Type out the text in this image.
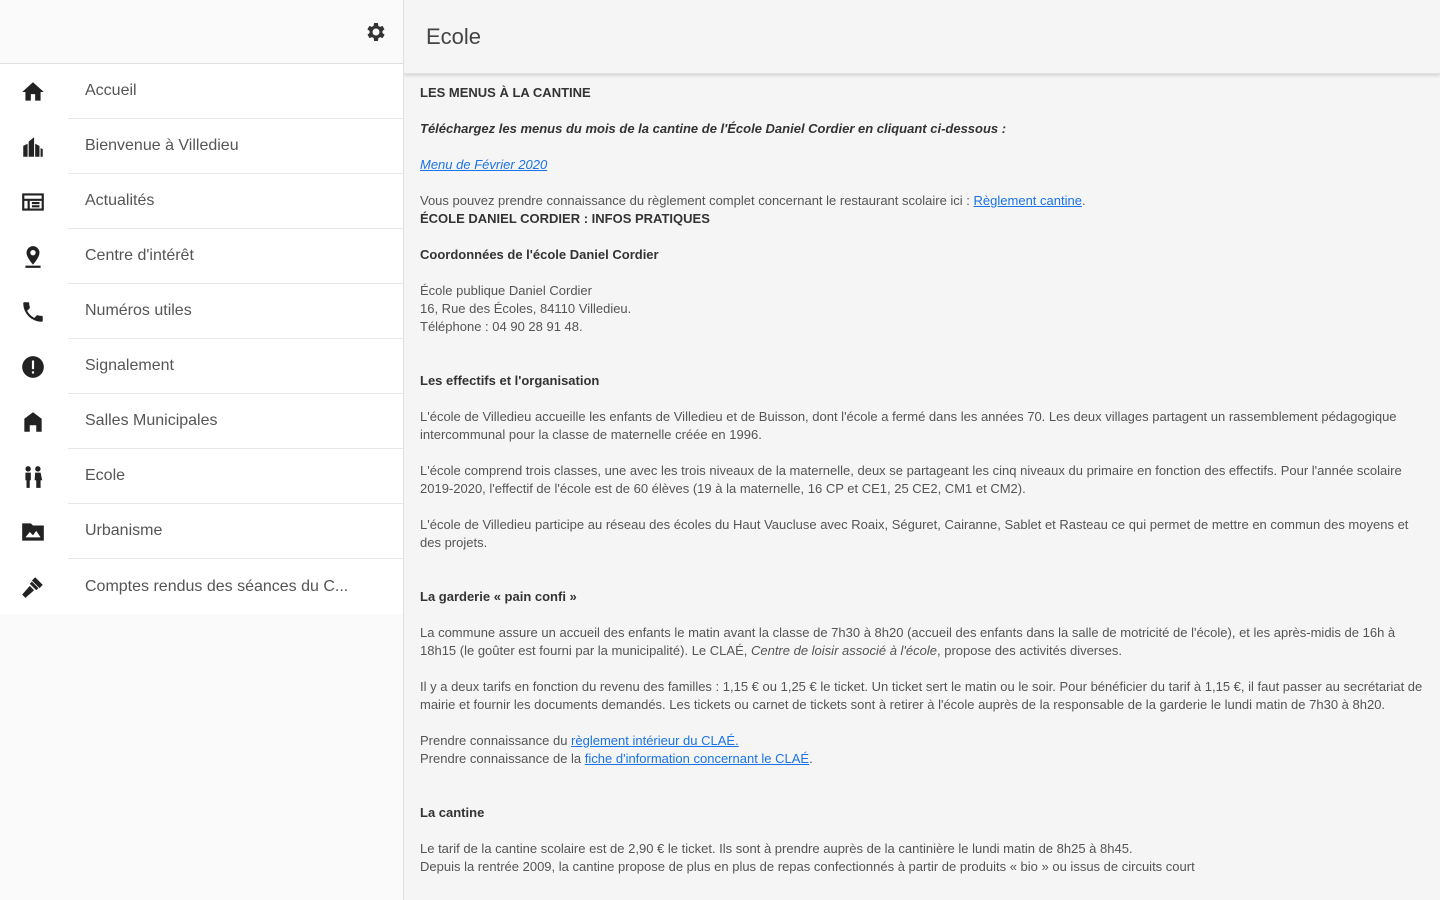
Accueil
Bienvenue à Villedieu
Actualités
Centre d'intérêt
Numéros utiles
Signalement
Salles Municipales
Ecole
Urbanisme
Comptes rendus des séances du C...
Ecole

LES MENUS À LA CANTINE

Téléchargez les menus du mois de la cantine de l'École Daniel Cordier en cliquant ci-dessous :

Menu de Février 2020

Vous pouvez prendre connaissance du règlement complet concernant le restaurant scolaire ici : Règlement cantine.

ÉCOLE DANIEL CORDIER : INFOS PRATIQUES

Coordonnées de l'école Daniel Cordier

École publique Daniel Cordier

16, Rue des Écoles, 84110 Villedieu.

Téléphone : 04 90 28 91 48.

Les effectifs et l'organisation

L'école de Villedieu accueille les enfants de Villedieu et de Buisson, dont l'école a fermé dans les années 70. Les deux villages partagent un rassemblement pédagogique intercommunal pour la classe de maternelle créée en 1996.

L'école comprend trois classes, une avec les trois niveaux de la maternelle, deux se partageant les cinq niveaux du primaire en fonction des effectifs. Pour l'année scolaire 2019-2020, l'effectif de l'école est de 60 élèves (19 à la maternelle, 16 CP et CE1, 25 CE2, CM1 et CM2).

L'école de Villedieu participe au réseau des écoles du Haut Vaucluse avec Roaix, Séguret, Cairanne, Sablet et Rasteau ce qui permet de mettre en commun des moyens et des projets.

La garderie « pain confi »

La commune assure un accueil des enfants le matin avant la classe de 7h30 à 8h20 (accueil des enfants dans la salle de motricité de l'école), et les après-midis de 16h à 18h15 (le goûter est fourni par la municipalité). Le CLAÉ, Centre de loisir associé à l'école, propose des activités diverses.

Il y a deux tarifs en fonction du revenu des familles : 1,15 € ou 1,25 € le ticket. Un ticket sert le matin ou le soir. Pour bénéficier du tarif à 1,15 €, il faut passer au secrétariat de mairie et fournir les documents demandés. Les tickets ou carnet de tickets sont à retirer à l'école auprès de la responsable de la garderie le lundi matin de 7h30 à 8h20.

Prendre connaissance du règlement intérieur du CLAÉ.

Prendre connaissance de la fiche d'information concernant le CLAÉ.

La cantine

Le tarif de la cantine scolaire est de 2,90 € le ticket. Ils sont à prendre auprès de la cantinière le lundi matin de 8h25 à 8h45.

Depuis la rentrée 2009, la cantine propose de plus en plus de repas confectionnés à partir de produits « bio » ou issus de circuits court
